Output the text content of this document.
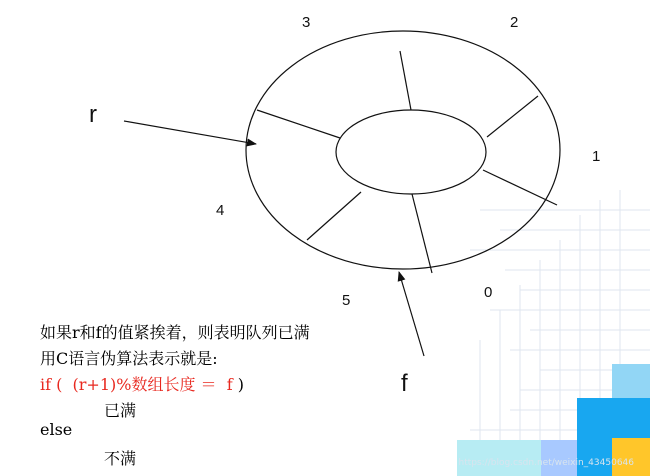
3	2
1
4
5	0
r
f
如果r和f的值紧挨着，则表明队列已满
用C语言伪算法表示就是:
if (  (r+1)%数组长度 ＝  f )
已满
else
不满	https://blog.csdn.net/weixin_43450646
